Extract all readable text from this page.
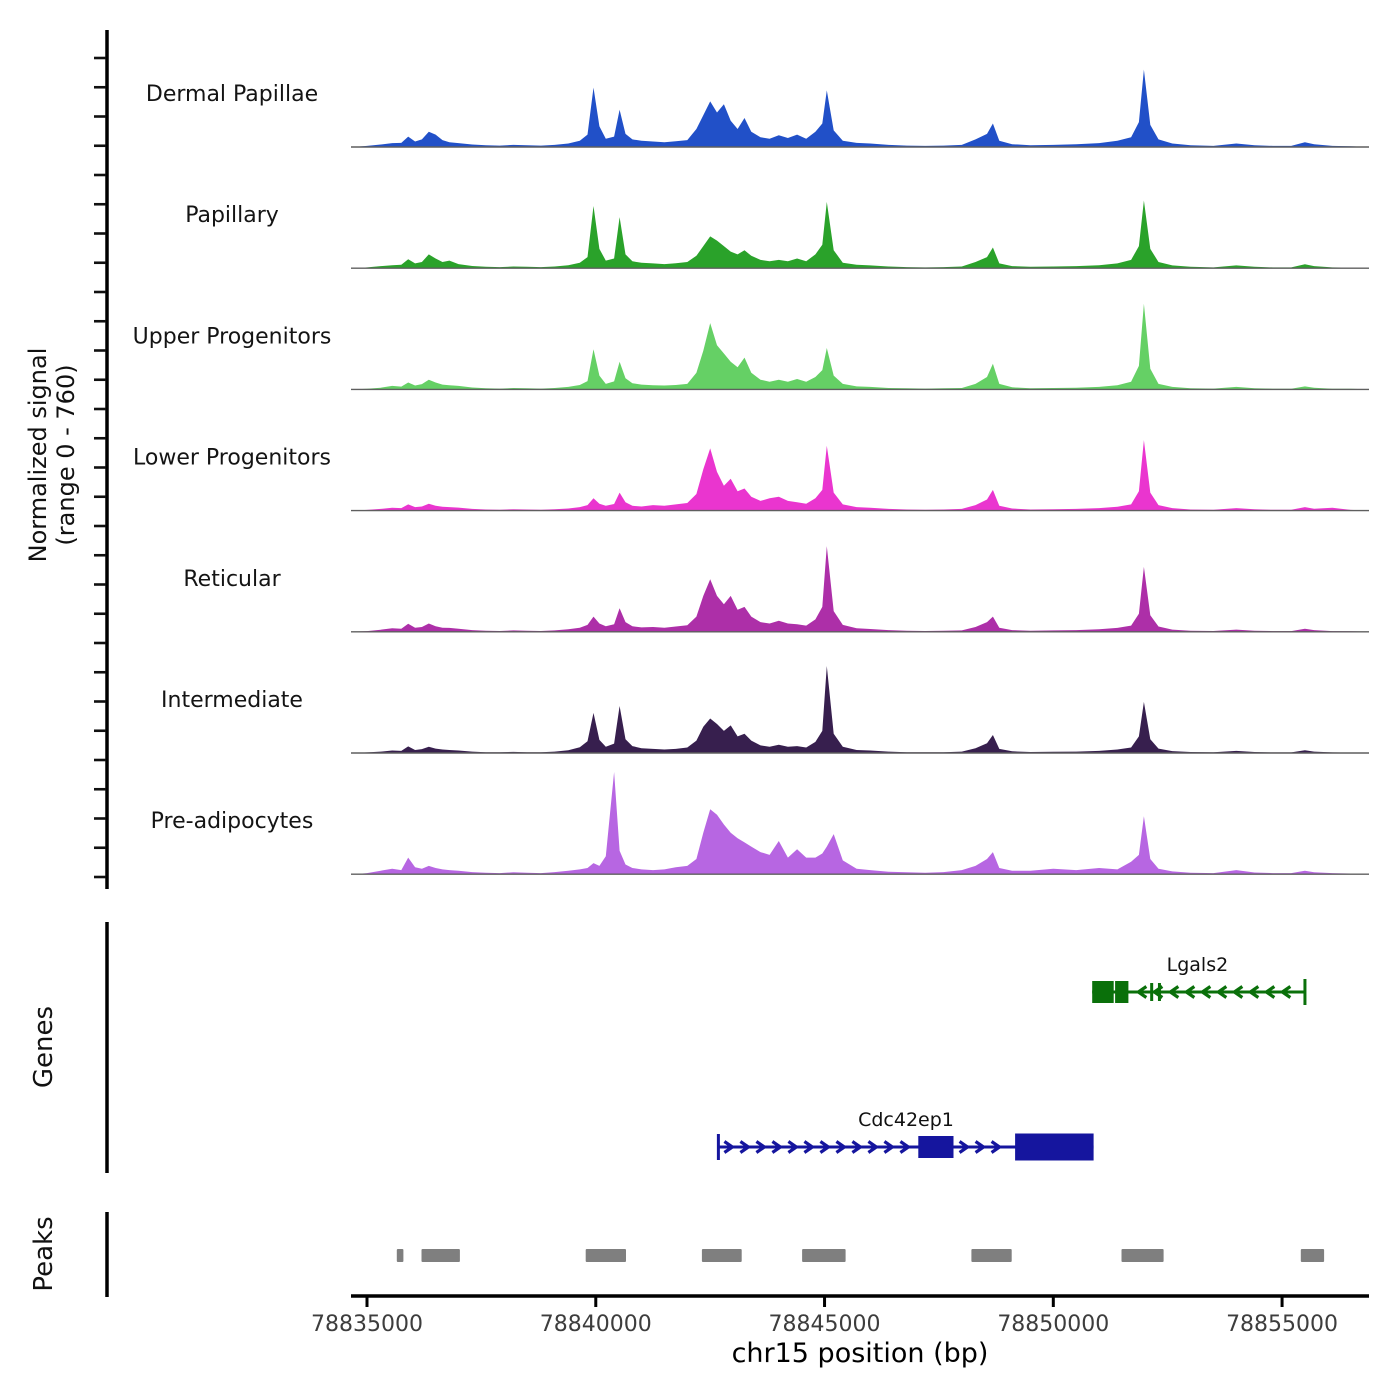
Dermal Papillae
Papillary
Upper Progenitors
Lower Progenitors
Reticular
Intermediate
Pre-adipocytes
Lgals2
Cdc42ep1
78835000	78840000	78845000	78850000	78855000
Normalized signal (range 0 - 760)
Genes
Peaks
chr15 position (bp)
